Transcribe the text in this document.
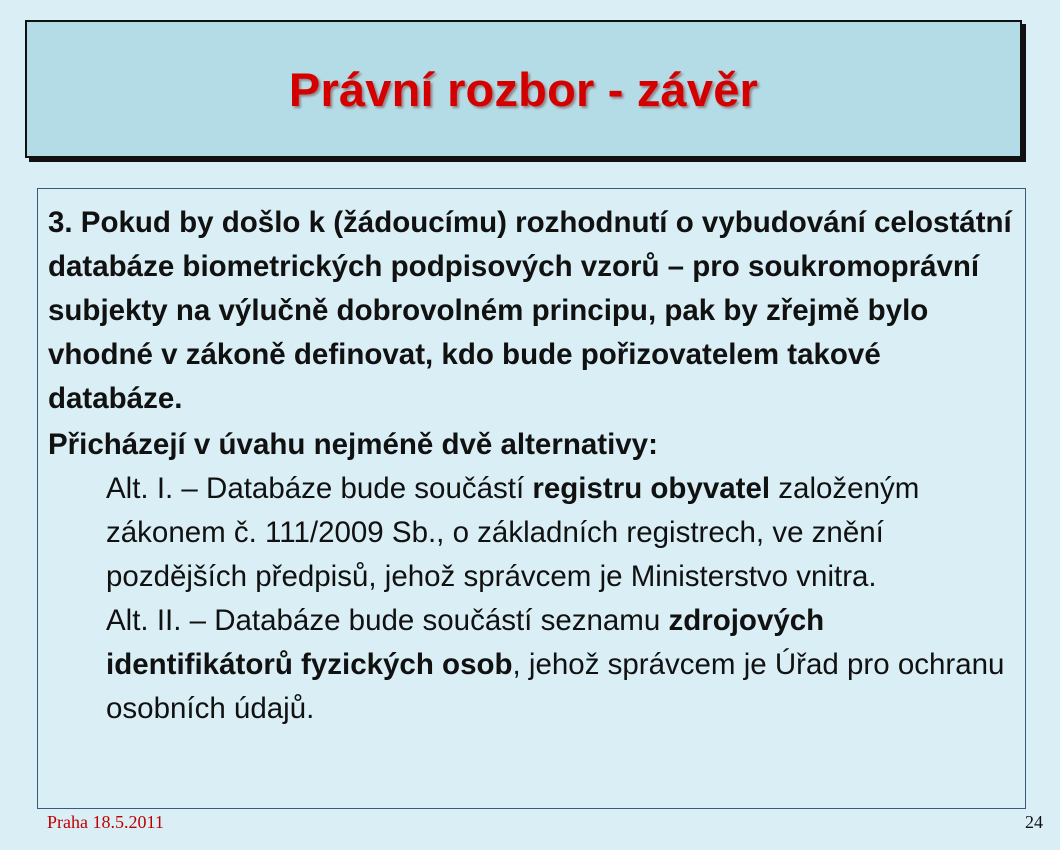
Právní rozbor - závěr

3. Pokud by došlo k (žádoucímu) rozhodnutí o vybudování celostátní databáze biometrických podpisových vzorů – pro soukromoprávní subjekty na výlučně dobrovolném principu, pak by zřejmě bylo vhodné v zákoně definovat, kdo bude pořizovatelem takové databáze.

Přicházejí v úvahu nejméně dvě alternativy:

Alt. I. – Databáze bude součástí registru obyvatel založeným zákonem č. 111/2009 Sb., o základních registrech, ve znění pozdějších předpisů, jehož správcem je Ministerstvo vnitra.

Alt. II. – Databáze bude součástí seznamu zdrojových identifikátorů fyzických osob, jehož správcem je Úřad pro ochranu osobních údajů.

Praha 18.5.2011	24
